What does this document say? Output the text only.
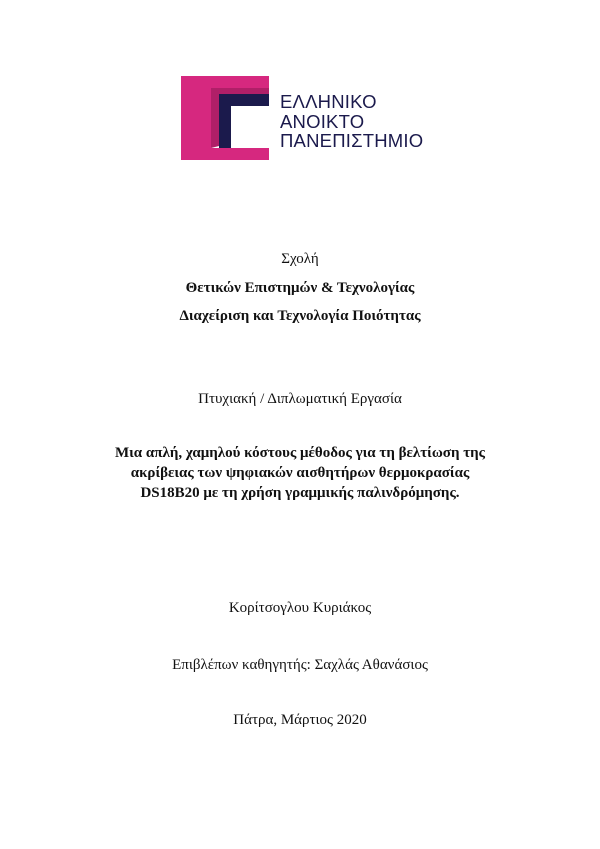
ΕΛΛΗΝΙΚΟ
ΑΝΟΙΚΤΟ
ΠΑΝΕΠΙΣΤΗΜΙΟ
Σχολή
Θετικών Επιστημών & Τεχνολογίας
Διαχείριση και Τεχνολογία Ποιότητας
Πτυχιακή / Διπλωματική Εργασία
Μια απλή, χαμηλού κόστους μέθοδος για τη βελτίωση της
ακρίβειας των ψηφιακών αισθητήρων θερμοκρασίας
DS18B20 με τη χρήση γραμμικής παλινδρόμησης.
Κορίτσογλου Κυριάκος
Επιβλέπων καθηγητής: Σαχλάς Αθανάσιος
Πάτρα, Μάρτιος 2020
